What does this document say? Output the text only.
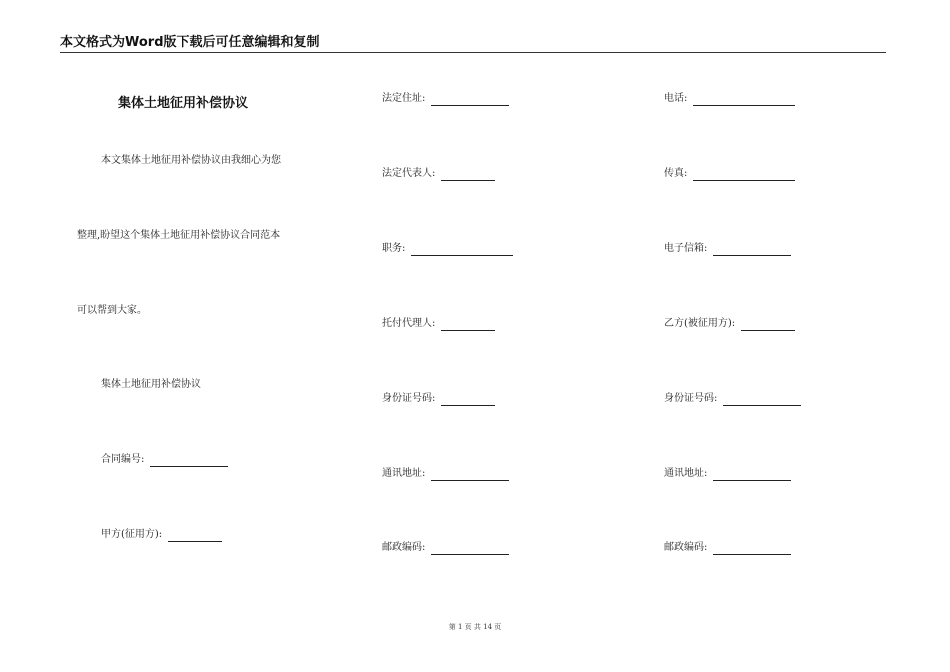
本文格式为Word版下载后可任意编辑和复制
集体土地征用补偿协议
本文集体土地征用补偿协议由我细心为您
整理,盼望这个集体土地征用补偿协议合同范本
可以帮到大家。
集体土地征用补偿协议
合同编号:
甲方(征用方):
法定住址:
法定代表人:
职务:
托付代理人:
身份证号码:
通讯地址:
邮政编码:
电话:
传真:
电子信箱:
乙方(被征用方):
身份证号码:
通讯地址:
邮政编码:
第 1 页 共 14 页
